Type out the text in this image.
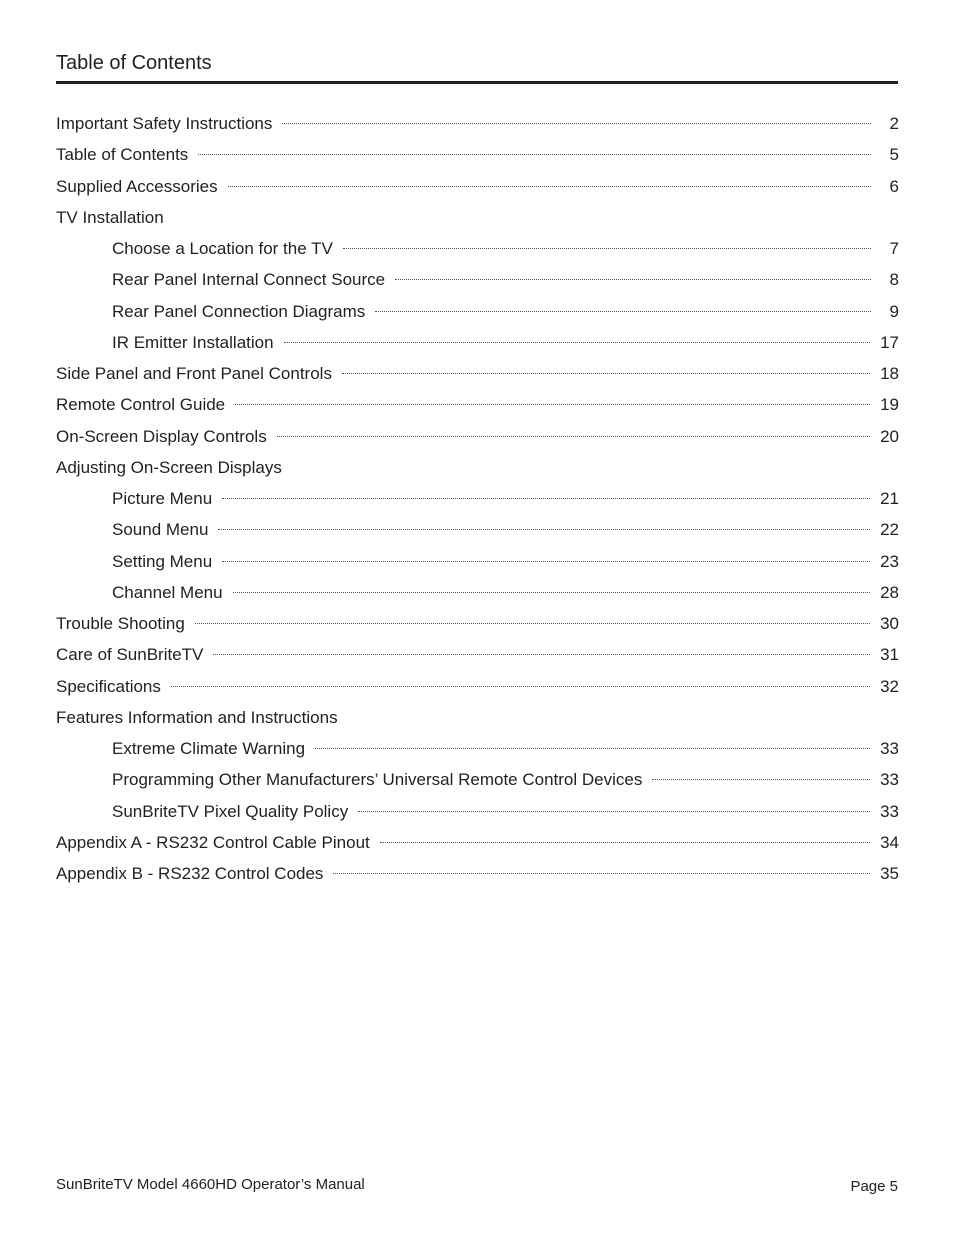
Table of Contents
Important Safety Instructions	2
Table of Contents	5
Supplied Accessories	6
TV Installation
Choose a Location for the TV	7
Rear Panel Internal Connect Source	8
Rear Panel Connection Diagrams	9
IR Emitter Installation	17
Side Panel and Front Panel Controls	18
Remote Control Guide	19
On-Screen Display Controls	20
Adjusting On-Screen Displays
Picture Menu	21
Sound Menu	22
Setting Menu	23
Channel Menu	28
Trouble Shooting	30
Care of SunBriteTV	31
Specifications	32
Features Information and Instructions
Extreme Climate Warning	33
Programming Other Manufacturers’ Universal Remote Control Devices	33
SunBriteTV Pixel Quality Policy	33
Appendix A - RS232 Control Cable Pinout	34
Appendix B - RS232 Control Codes	35
SunBriteTV Model 4660HD Operator’s Manual	Page 5
